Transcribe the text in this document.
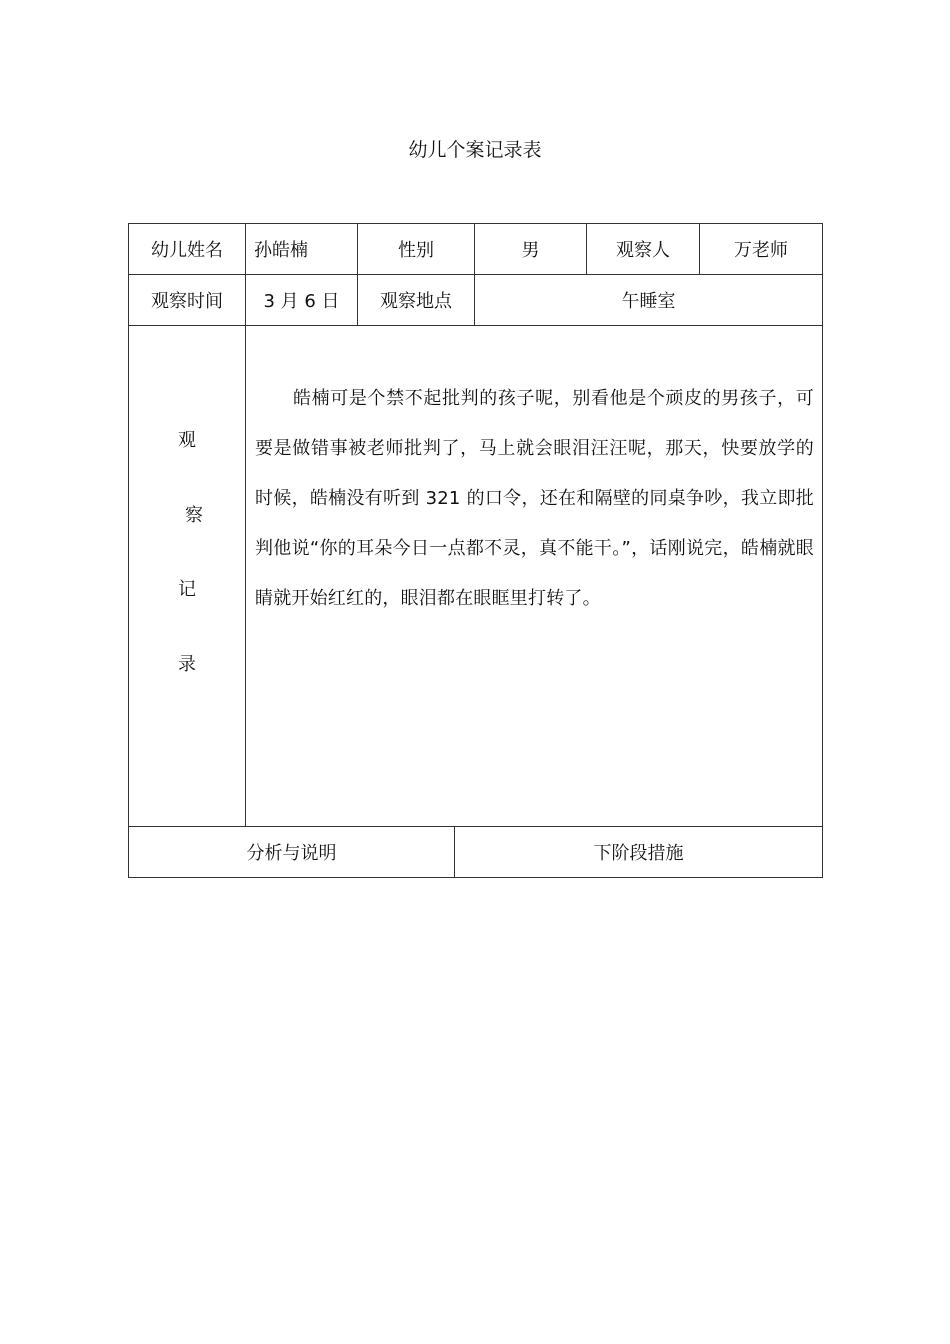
幼儿个案记录表
幼儿姓名	孙皓楠	性别		男	观察人	万老师
观察时间	3 月 6 日	观察地点		午睡室		

观
察
记
录	皓楠可是个禁不起批判的孩子呢，别看他是个顽皮的男孩子，可要是做错事被老师批判了，马上就会眼泪汪汪呢，那天，快要放学的时候，皓楠没有听到 321 的口令，还在和隔壁的同桌争吵，我立即批判他说“你的耳朵今日一点都不灵，真不能干。”，话刚说完，皓楠就眼睛就开始红红的，眼泪都在眼眶里打转了。					

分析与说明			下阶段措施			
